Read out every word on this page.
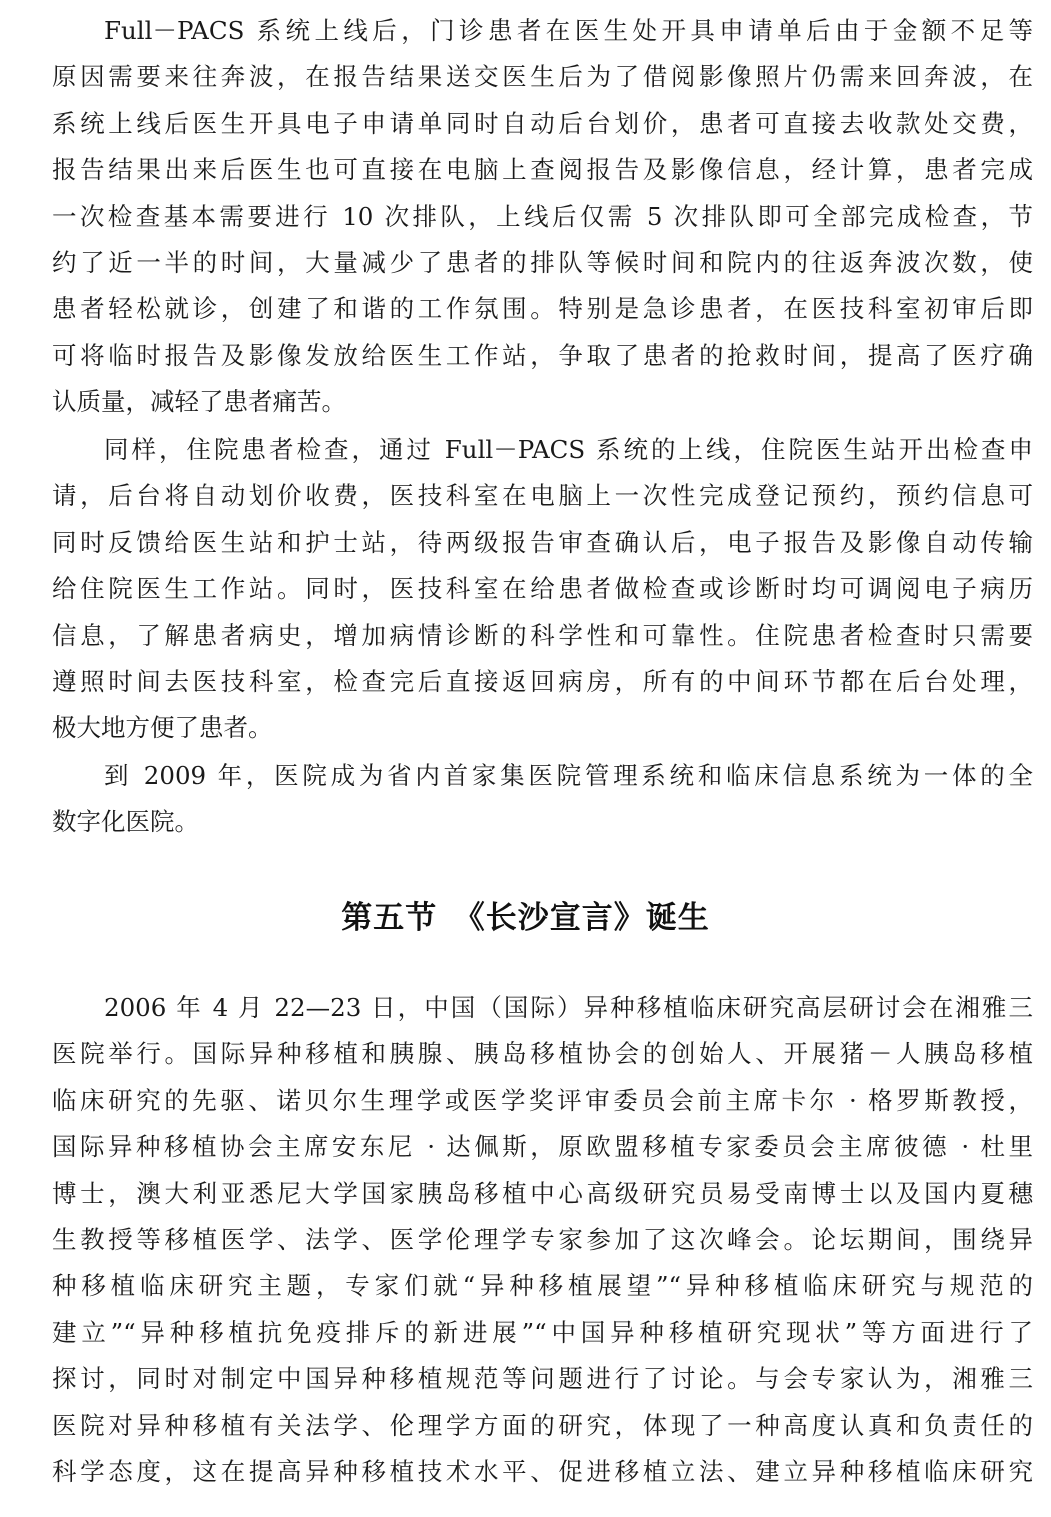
Full－PACS 系统上线后，门诊患者在医生处开具申请单后由于金额不足等
原因需要来往奔波，在报告结果送交医生后为了借阅影像照片仍需来回奔波，在
系统上线后医生开具电子申请单同时自动后台划价，患者可直接去收款处交费，
报告结果出来后医生也可直接在电脑上查阅报告及影像信息，经计算，患者完成
一次检查基本需要进行 10 次排队，上线后仅需 5 次排队即可全部完成检查，节
约了近一半的时间，大量减少了患者的排队等候时间和院内的往返奔波次数，使
患者轻松就诊，创建了和谐的工作氛围。特别是急诊患者，在医技科室初审后即
可将临时报告及影像发放给医生工作站，争取了患者的抢救时间，提高了医疗确
认质量，减轻了患者痛苦。
同样，住院患者检查，通过 Full－PACS 系统的上线，住院医生站开出检查申
请，后台将自动划价收费，医技科室在电脑上一次性完成登记预约，预约信息可
同时反馈给医生站和护士站，待两级报告审查确认后，电子报告及影像自动传输
给住院医生工作站。同时，医技科室在给患者做检查或诊断时均可调阅电子病历
信息，了解患者病史，增加病情诊断的科学性和可靠性。住院患者检查时只需要
遵照时间去医技科室，检查完后直接返回病房，所有的中间环节都在后台处理，
极大地方便了患者。
到 2009 年，医院成为省内首家集医院管理系统和临床信息系统为一体的全
数字化医院。
第五节　《长沙宣言》诞生
2006 年 4 月 22—23 日，中国（国际）异种移植临床研究高层研讨会在湘雅三
医院举行。国际异种移植和胰腺、胰岛移植协会的创始人、开展猪－人胰岛移植
临床研究的先驱、诺贝尔生理学或医学奖评审委员会前主席卡尔 · 格罗斯教授，
国际异种移植协会主席安东尼 · 达佩斯，原欧盟移植专家委员会主席彼德 · 杜里
博士，澳大利亚悉尼大学国家胰岛移植中心高级研究员易受南博士以及国内夏穗
生教授等移植医学、法学、医学伦理学专家参加了这次峰会。论坛期间，围绕异
种移植临床研究主题，专家们就“异种移植展望”“异种移植临床研究与规范的
建立”“异种移植抗免疫排斥的新进展”“中国异种移植研究现状”等方面进行了
探讨，同时对制定中国异种移植规范等问题进行了讨论。与会专家认为，湘雅三
医院对异种移植有关法学、伦理学方面的研究，体现了一种高度认真和负责任的
科学态度，这在提高异种移植技术水平、促进移植立法、建立异种移植临床研究
